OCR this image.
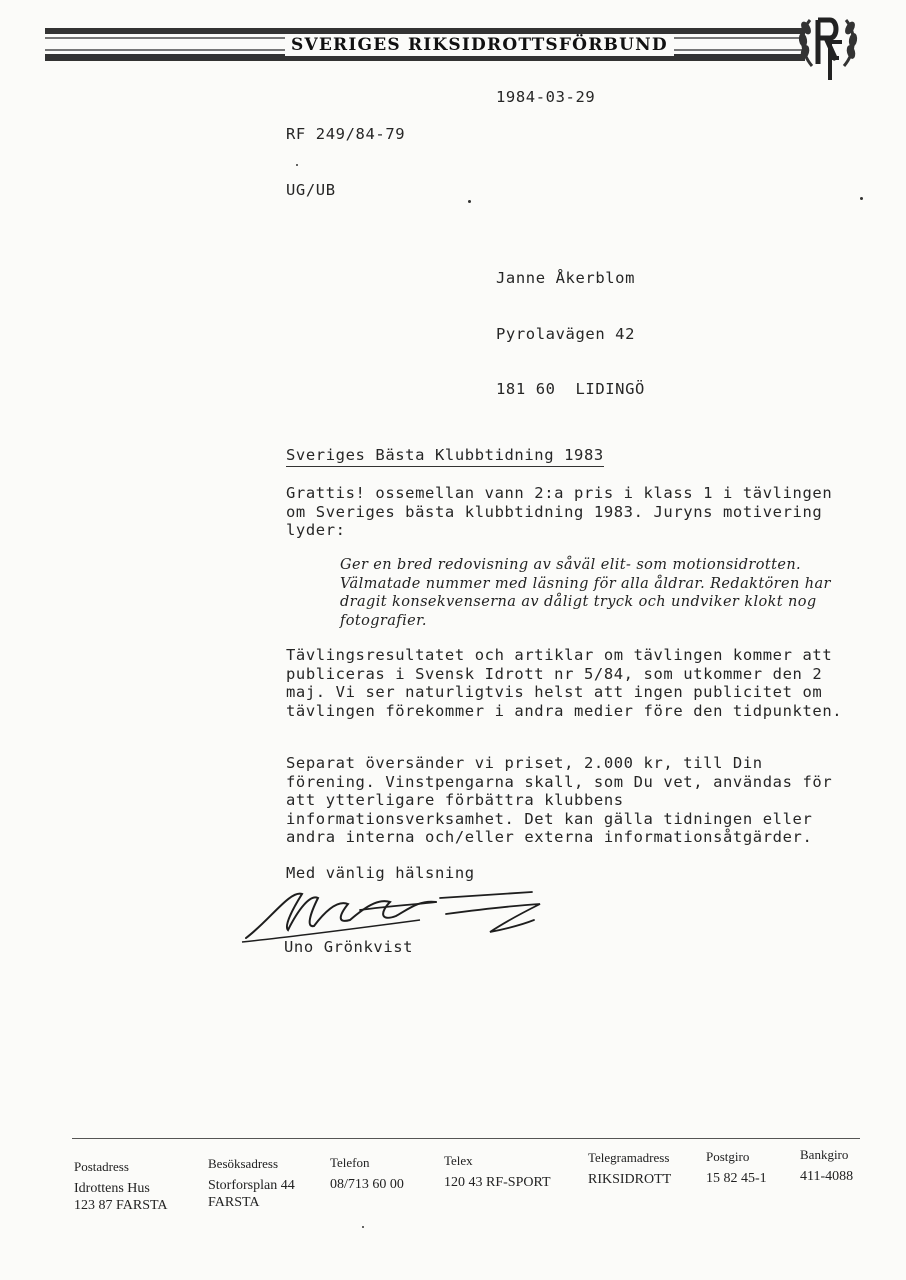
SVERIGES RIKSIDROTTSFÖRBUND

RF 249/84-79

UG/UB

1984-03-29

Janne Åkerblom

Pyrolavägen 42

181 60  LIDINGÖ

Sveriges Bästa Klubbtidning 1983
Grattis! ossemellan vann 2:a pris i klass 1 i tävlingen om Sveriges bästa klubbtidning 1983. Juryns motivering lyder:
Ger en bred redovisning av såväl elit- som motionsidrotten. Välmatade nummer med läsning för alla åldrar. Redaktören har dragit konsekvenserna av dåligt tryck och undviker klokt nog fotografier.
Tävlingsresultatet och artiklar om tävlingen kommer att publiceras i Svensk Idrott nr 5/84, som utkommer den 2 maj. Vi ser naturligtvis helst att ingen publicitet om tävlingen förekommer i andra medier före den tidpunkten.
Separat översänder vi priset, 2.000 kr, till Din förening. Vinstpengarna skall, som Du vet, användas för att ytterligare förbättra klubbens informationsverksamhet. Det kan gälla tidningen eller andra interna och/eller externa informationsåtgärder.
Med vänlig hälsning
Uno Grönkvist
Postadress
Idrottens Hus
123 87 FARSTA
Besöksadress
Storforsplan 44
FARSTA
Telefon
08/713 60 00
Telex
120 43 RF-SPORT
Telegramadress
RIKSIDROTT
Postgiro
15 82 45-1
Bankgiro
411-4088
